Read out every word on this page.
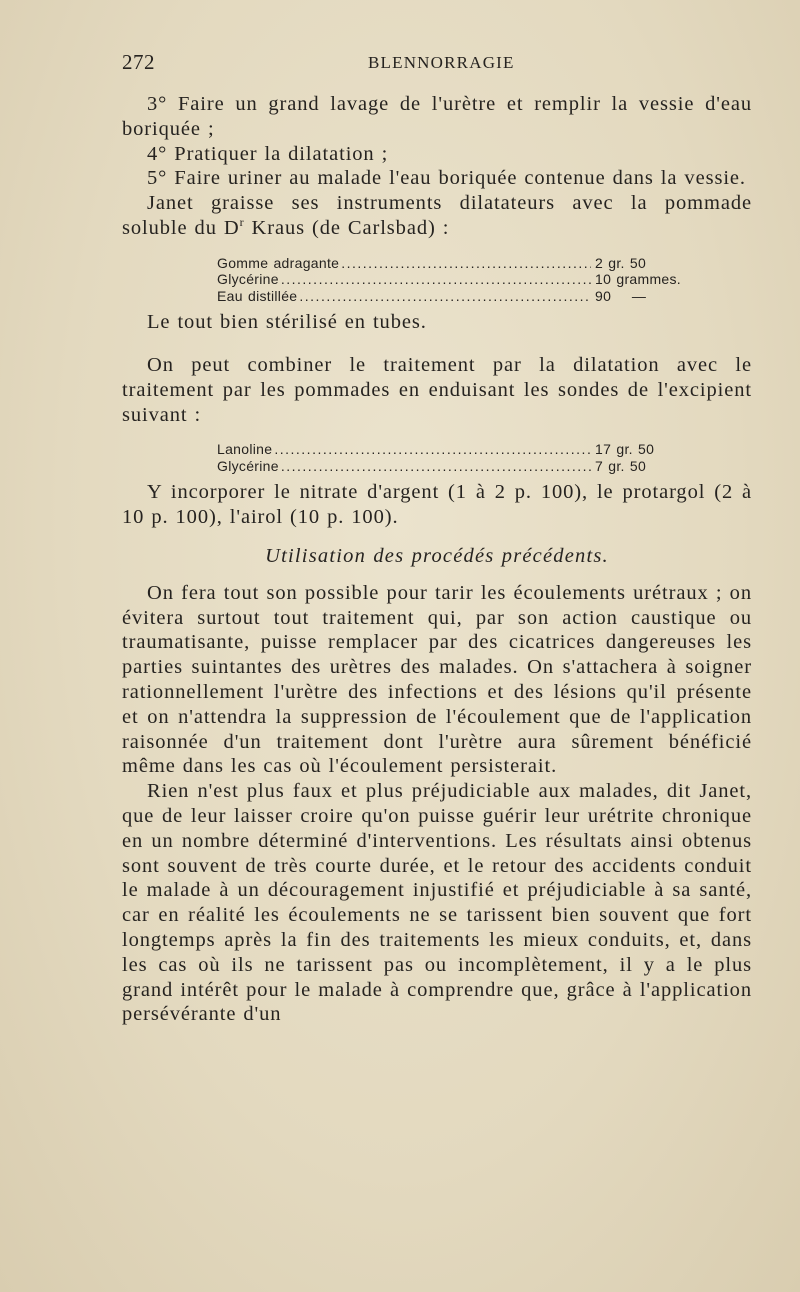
272	BLENNORRAGIE

3° Faire un grand lavage de l'urètre et remplir la vessie d'eau boriquée ;

4° Pratiquer la dilatation ;

5° Faire uriner au malade l'eau boriquée contenue dans la vessie.

Janet graisse ses instruments dilatateurs avec la pommade soluble du $D^r$ Kraus (de Carlsbad) :

Gomme adragante .....	2 gr. 50
Glycérine .....	10 grammes.
Eau distillée .....	90    —

Le tout bien stérilisé en tubes.

On peut combiner le traitement par la dilatation avec le traitement par les pommades en enduisant les sondes de l'excipient suivant :

Lanoline .....	17 gr. 50
Glycérine .....	7 gr. 50

Y incorporer le nitrate d'argent (1 à 2 p. 100), le protargol (2 à 10 p. 100), l'airol (10 p. 100).

Utilisation des procédés précédents.

On fera tout son possible pour tarir les écoulements urétraux ; on évitera surtout tout traitement qui, par son action caustique ou traumatisante, puisse remplacer par des cicatrices dangereuses les parties suintantes des urètres des malades. On s'attachera à soigner rationnellement l'urètre des infections et des lésions qu'il présente et on n'attendra la suppression de l'écoulement que de l'application raisonnée d'un traitement dont l'urètre aura sûrement bénéficié même dans les cas où l'écoulement persisterait.

Rien n'est plus faux et plus préjudiciable aux malades, dit Janet, que de leur laisser croire qu'on puisse guérir leur urétrite chronique en un nombre déterminé d'interventions. Les résultats ainsi obtenus sont souvent de très courte durée, et le retour des accidents conduit le malade à un découragement injustifié et préjudiciable à sa santé, car en réalité les écoulements ne se tarissent bien souvent que fort longtemps après la fin des traitements les mieux conduits, et, dans les cas où ils ne tarissent pas ou incomplètement, il y a le plus grand intérêt pour le malade à comprendre que, grâce à l'application persévérante d'un
